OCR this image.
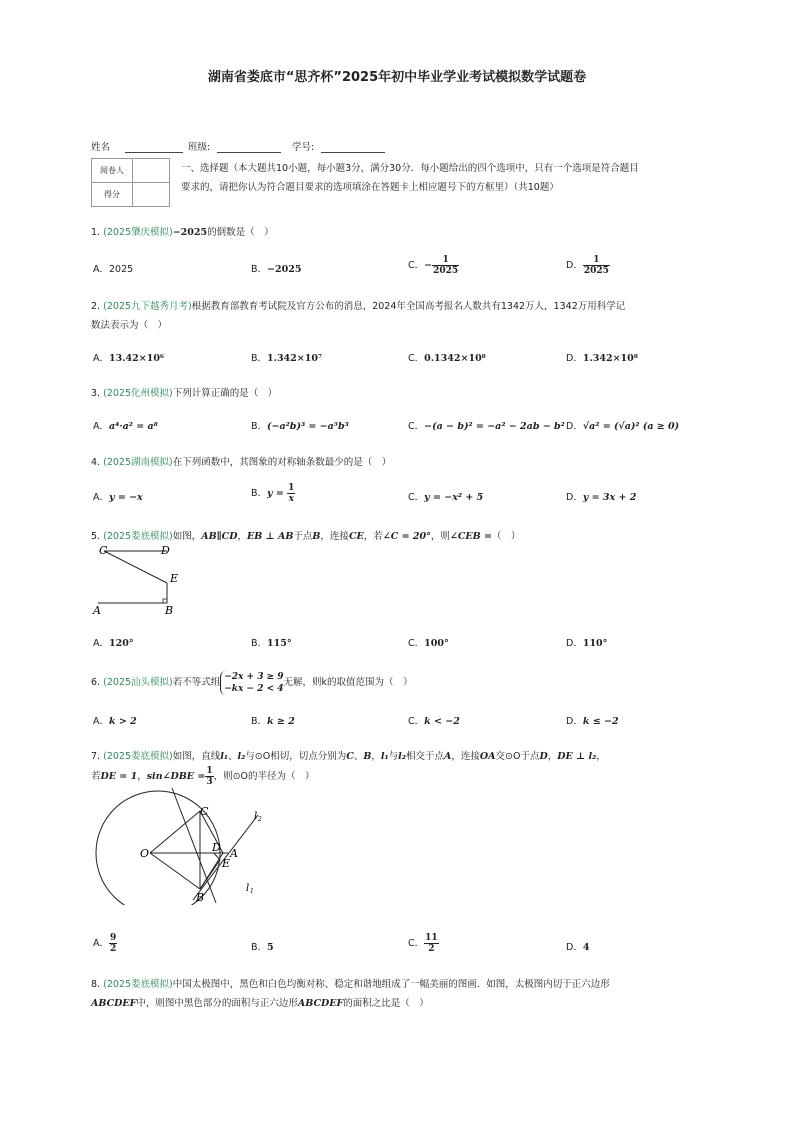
湖南省娄底市“思齐杯”2025年初中毕业学业考试模拟数学试题卷
姓名	班级:	学号:
阅卷人	
得分	
一、选择题（本大题共10小题，每小题3分，满分30分．每小题给出的四个选项中，只有一个选项是符合题目要求的，请把你认为符合题目要求的选项填涂在答题卡上相应题号下的方框里）（共10题）
1. (2025肇庆模拟)−2025的倒数是（　）
A．2025	B．−2025	C．− $\frac{1}{2025}$	D． $\frac{1}{2025}$
2. (2025九下越秀月考)根据教育部教育考试院及官方公布的消息，2024年全国高考报名人数共有1342万人，1342万用科学记
数法表示为（　）
A．13.42×10⁶	B．1.342×10⁷	C．0.1342×10⁸	D．1.342×10⁸
3. (2025化州模拟)下列计算正确的是（　）
A．a⁴·a² = a⁸	B．(−a²b)³ = −a⁵b³	C．−(a − b)² = −a² − 2ab − b² D．√a² = (√a)² (a ≥ 0)
4. (2025湖南模拟)在下列函数中，其图象的对称轴条数最少的是（　）
A．y = −x	B．$y = \frac{1}{x}$	C．y = −x² + 5	D．y = 3x + 2
5. (2025娄底模拟)如图，AB∥CD，EB ⊥ AB于点B，连接CE，若∠C = 20°，则∠CEB =（　）
C	D
E
A	B
A．120°	B．115°	C．100°	D．110°
6. (2025汕头模拟)若不等式组
−2x + 3 ≥ 9
−kx − 2 < 4
无解，则k的取值范围为（　）
A．k > 2	B．k ≥ 2	C．k < −2	D．k ≤ −2
7. (2025娄底模拟)如图，直线l₁、l₂与⊙O相切，切点分别为C、B，l₁与l₂相交于点A，连接OA交⊙O于点D，DE ⊥ l₂，
若DE = 1，sin∠DBE = $\frac{1}{3}$ ，则⊙O的半径为（　）
O
C
B
A
D
E
l 2
l 1
A． $\frac{9}{2}$	B．5	C． $\frac{11}{2}$	D．4
8. (2025娄底模拟)中国太极图中，黑色和白色均衡对称、稳定和谐地组成了一幅美丽的图画．如图，太极图内切于正六边形
ABCDEF中，则图中黑色部分的面积与正六边形ABCDEF的面积之比是（　）
